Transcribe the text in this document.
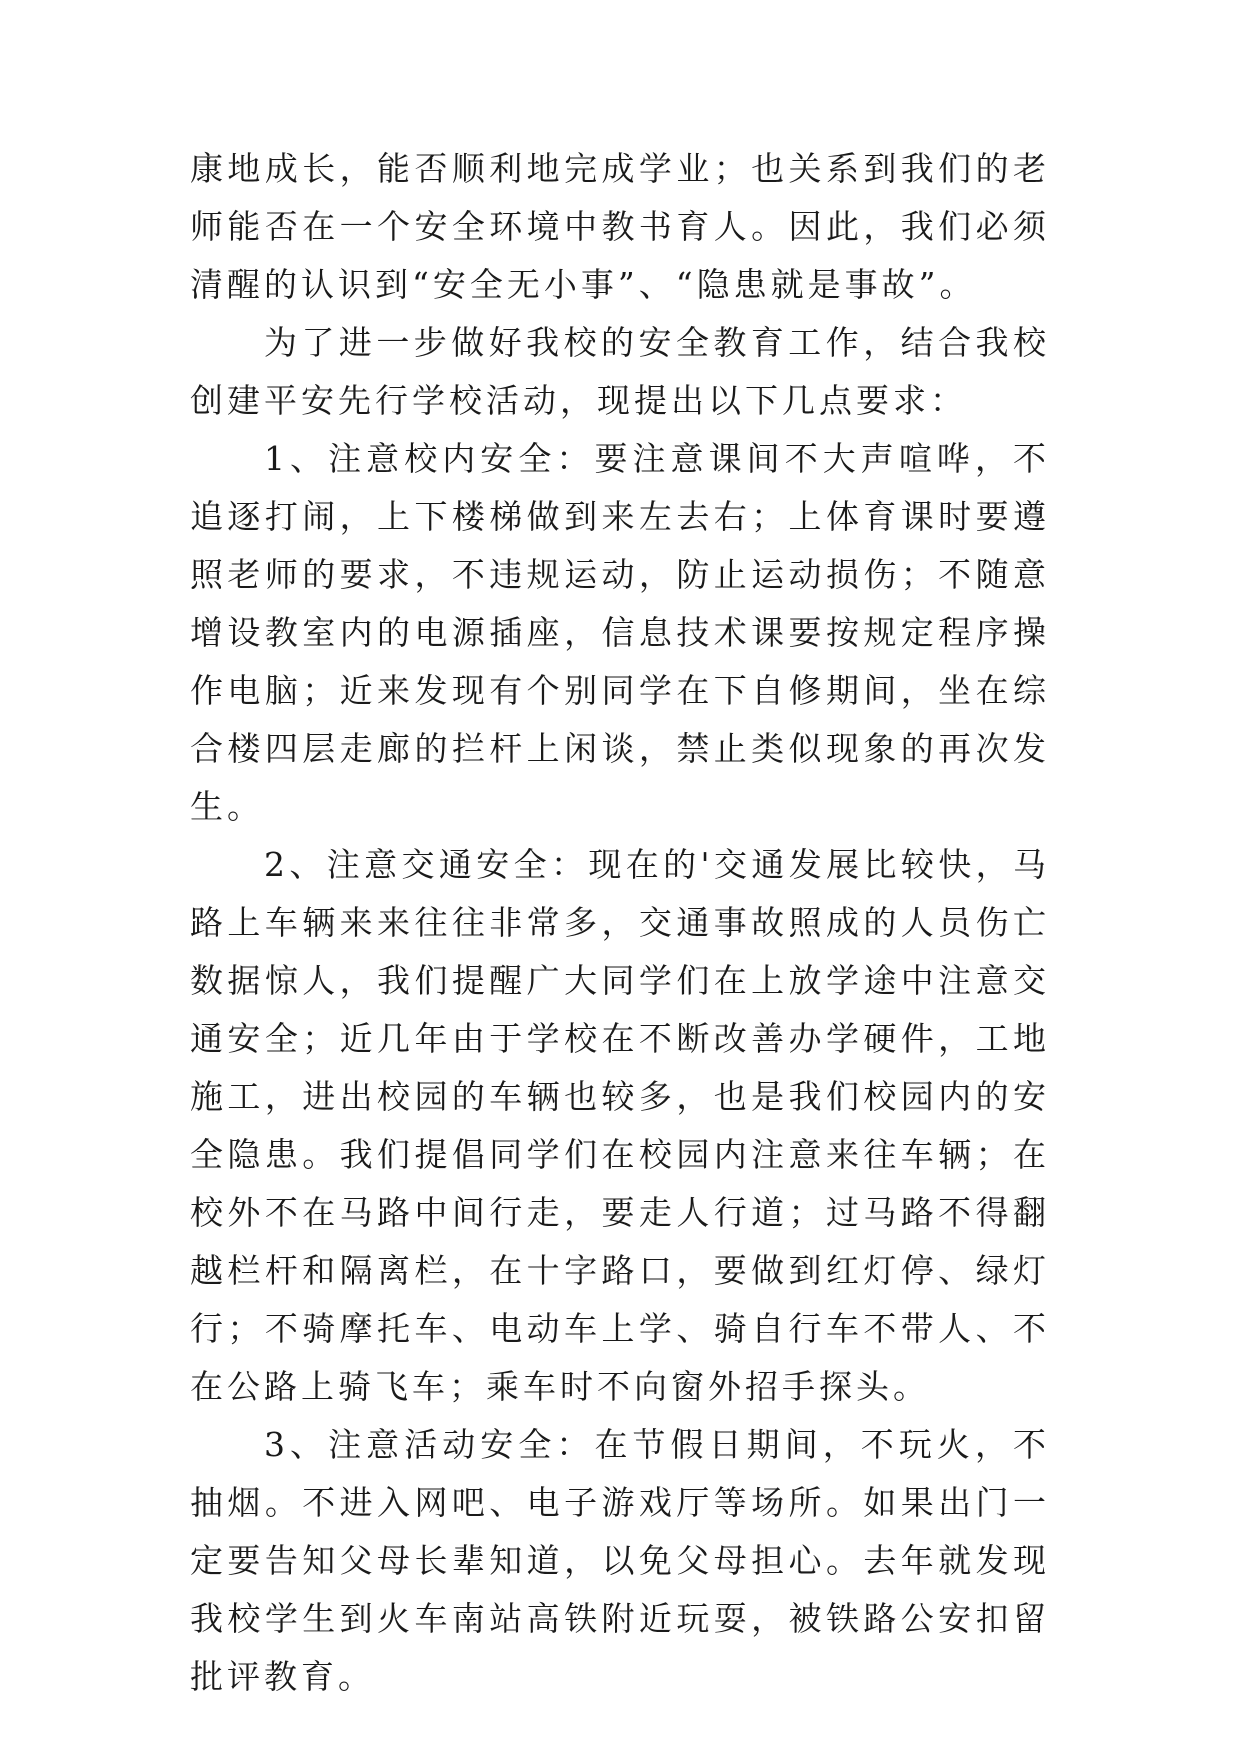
康地成长，能否顺利地完成学业；也关系到我们的老师能否在一个安全环境中教书育人。因此，我们必须清醒的认识到“安全无小事”、“隐患就是事故”。

为了进一步做好我校的安全教育工作，结合我校创建平安先行学校活动，现提出以下几点要求：

1、注意校内安全：要注意课间不大声喧哗，不追逐打闹，上下楼梯做到来左去右；上体育课时要遵照老师的要求，不违规运动，防止运动损伤；不随意增设教室内的电源插座，信息技术课要按规定程序操作电脑；近来发现有个别同学在下自修期间，坐在综合楼四层走廊的拦杆上闲谈，禁止类似现象的再次发生。

2、注意交通安全：现在的'交通发展比较快，马路上车辆来来往往非常多，交通事故照成的人员伤亡数据惊人，我们提醒广大同学们在上放学途中注意交通安全；近几年由于学校在不断改善办学硬件，工地施工，进出校园的车辆也较多，也是我们校园内的安全隐患。我们提倡同学们在校园内注意来往车辆；在校外不在马路中间行走，要走人行道；过马路不得翻越栏杆和隔离栏，在十字路口，要做到红灯停、绿灯行；不骑摩托车、电动车上学、骑自行车不带人、不在公路上骑飞车；乘车时不向窗外招手探头。

3、注意活动安全：在节假日期间，不玩火，不抽烟。不进入网吧、电子游戏厅等场所。如果出门一定要告知父母长辈知道，以免父母担心。去年就发现我校学生到火车南站高铁附近玩耍，被铁路公安扣留批评教育。
